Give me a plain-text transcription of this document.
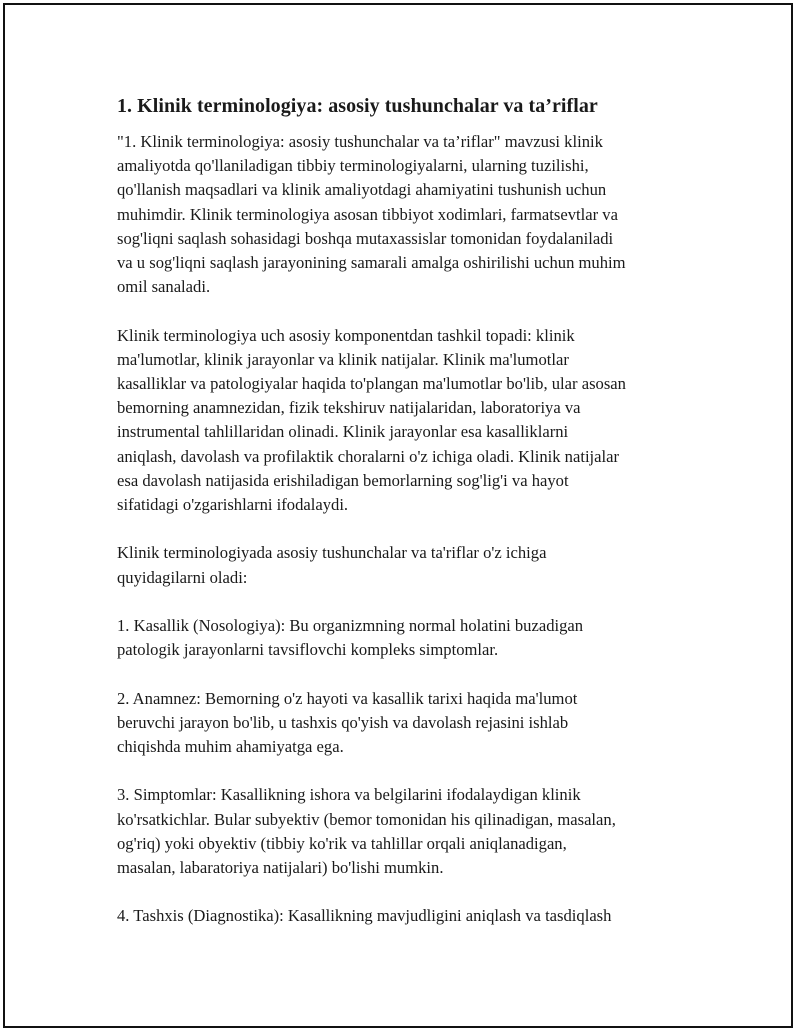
1. Klinik terminologiya: asosiy tushunchalar va ta’riflar
"1. Klinik terminologiya: asosiy tushunchalar va ta’riflar" mavzusi klinik
amaliyotda qo'llaniladigan tibbiy terminologiyalarni, ularning tuzilishi,
qo'llanish maqsadlari va klinik amaliyotdagi ahamiyatini tushunish uchun
muhimdir. Klinik terminologiya asosan tibbiyot xodimlari, farmatsevtlar va
sog'liqni saqlash sohasidagi boshqa mutaxassislar tomonidan foydalaniladi
va u sog'liqni saqlash jarayonining samarali amalga oshirilishi uchun muhim
omil sanaladi.
Klinik terminologiya uch asosiy komponentdan tashkil topadi: klinik
ma'lumotlar, klinik jarayonlar va klinik natijalar. Klinik ma'lumotlar
kasalliklar va patologiyalar haqida to'plangan ma'lumotlar bo'lib, ular asosan
bemorning anamnezidan, fizik tekshiruv natijalaridan, laboratoriya va
instrumental tahlillaridan olinadi. Klinik jarayonlar esa kasalliklarni
aniqlash, davolash va profilaktik choralarni o'z ichiga oladi. Klinik natijalar
esa davolash natijasida erishiladigan bemorlarning sog'lig'i va hayot
sifatidagi o'zgarishlarni ifodalaydi.
Klinik terminologiyada asosiy tushunchalar va ta'riflar o'z ichiga
quyidagilarni oladi:
1. Kasallik (Nosologiya): Bu organizmning normal holatini buzadigan
patologik jarayonlarni tavsiflovchi kompleks simptomlar.
2. Anamnez: Bemorning o'z hayoti va kasallik tarixi haqida ma'lumot
beruvchi jarayon bo'lib, u tashxis qo'yish va davolash rejasini ishlab
chiqishda muhim ahamiyatga ega.
3. Simptomlar: Kasallikning ishora va belgilarini ifodalaydigan klinik
ko'rsatkichlar. Bular subyektiv (bemor tomonidan his qilinadigan, masalan,
og'riq) yoki obyektiv (tibbiy ko'rik va tahlillar orqali aniqlanadigan,
masalan, labaratoriya natijalari) bo'lishi mumkin.
4. Tashxis (Diagnostika): Kasallikning mavjudligini aniqlash va tasdiqlash
